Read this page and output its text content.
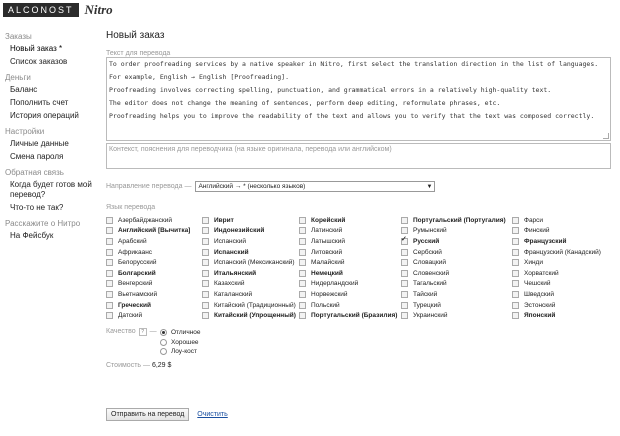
ALCONOST Nitro
Заказы
Новый заказ *
Список заказов
Деньги
Баланс
Пополнить счет
История операций
Настройки
Личные данные
Смена пароля
Обратная связь
Когда будет готов мой перевод?
Что-то не так?
Расскажите о Нитро
На Фейсбук
Новый заказ
Текст для перевода

To order proofreading services by a native speaker in Nitro, first select the translation direction in the list of languages.

For example, English → English [Proofreading].

Proofreading involves correcting spelling, punctuation, and grammatical errors in a relatively high-quality text.

The editor does not change the meaning of sentences, perform deep editing, reformulate phrases, etc.

Proofreading helps you to improve the readability of the text and allows you to verify that the text was composed correctly.

Контекст, пояснения для переводчика (на языке оригинала, перевода или английском)
Направление перевода — Английский → * (несколько языков)	▼
Язык перевода
Азербайджанский	Иврит	Корейский	Португальский (Португалия)	Фарси
Английский [Вычитка]	Индонезийский	Латинский	Румынский	Финский
Арабский	Испанский	Латышский
✓	Русский	Французский
Африкаанс	Испанский	Литовский	Сербский	Французский (Канадский)
Белорусский	Испанский (Мексиканский)	Малайский	Словацкий	Хинди
Болгарский	Итальянский	Немецкий	Словенский	Хорватский
Венгерский	Казахский	Нидерландский	Тагальский	Чешский
Вьетнамский	Каталанский	Норвежский	Тайский	Шведский
Греческий	Китайский (Традиционный) Польский	Турецкий	Эстонский
Датский	Китайский (Упрощенный) Португальский (Бразилия) Украинский	Японский
Качество	? — Отличное
Хорошее
Лоу-кост
Стоимость — 6,29 $
Отправить на перевод	Очистить
